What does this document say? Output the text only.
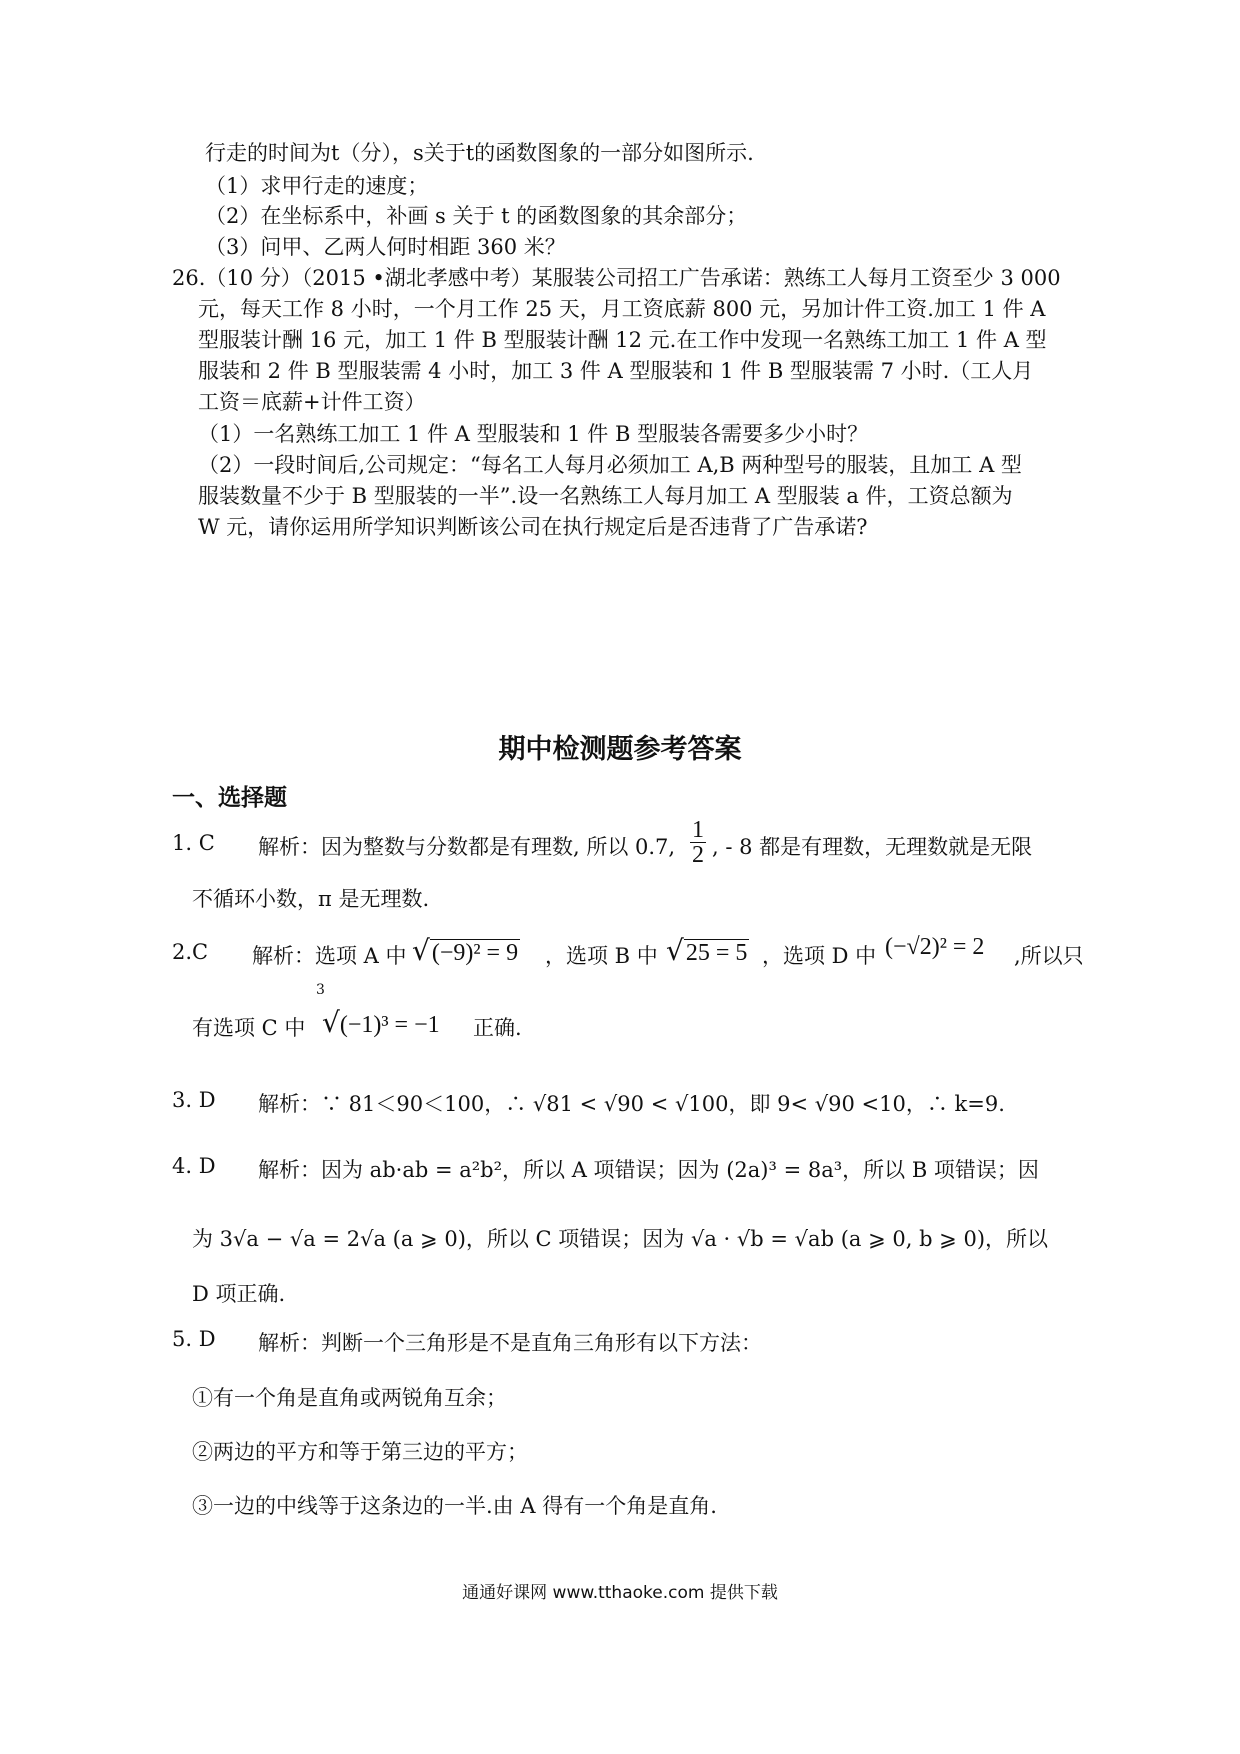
行走的时间为t（分），s关于t的函数图象的一部分如图所示.
（1）求甲行走的速度；
（2）在坐标系中，补画 s 关于 t 的函数图象的其余部分；
（3）问甲、乙两人何时相距 360 米？
26.（10 分）（2015 •湖北孝感中考）某服装公司招工广告承诺：熟练工人每月工资至少 3 000
元，每天工作 8 小时，一个月工作 25 天，月工资底薪 800 元，另加计件工资.加工 1 件 A
型服装计酬 16 元，加工 1 件 B 型服装计酬 12 元.在工作中发现一名熟练工加工 1 件 A 型
服装和 2 件 B 型服装需 4 小时，加工 3 件 A 型服装和 1 件 B 型服装需 7 小时.（工人月
工资＝底薪+计件工资）
（1）一名熟练工加工 1 件 A 型服装和 1 件 B 型服装各需要多少小时？
（2）一段时间后,公司规定：“每名工人每月必须加工 A,B 两种型号的服装，且加工 A 型
服装数量不少于 B 型服装的一半”.设一名熟练工人每月加工 A 型服装 a 件，工资总额为
W 元，请你运用所学知识判断该公司在执行规定后是否违背了广告承诺?
期中检测题参考答案
一、选择题
1. C 解析：因为整数与分数都是有理数, 所以 0.7, $\frac{1}{2}$ , - 8 都是有理数，无理数就是无限
不循环小数，π 是无理数.
2.C 解析：选项 A 中 √(−9)² = 9 ，选项 B 中 √25 = 5 ，选项 D 中 (−√2)² = 2 ,所以只
有选项 C 中
3
√(−1)³ = −1 正确.
3. D 解析：∵ 81＜90＜100，∴ √81 < √90 < √100，即 9< √90 <10，∴ k=9.
4. D 解析：因为 ab·ab = a²b²，所以 A 项错误；因为 (2a)³ = 8a³，所以 B 项错误；因
为 3√a − √a = 2√a (a ⩾ 0)，所以 C 项错误；因为 √a · √b = √ab (a ⩾ 0, b ⩾ 0)，所以
D 项正确.
5. D 解析：判断一个三角形是不是直角三角形有以下方法：
①有一个角是直角或两锐角互余；
②两边的平方和等于第三边的平方；
③一边的中线等于这条边的一半.由 A 得有一个角是直角.
通通好课网 www.tthaoke.com 提供下载
